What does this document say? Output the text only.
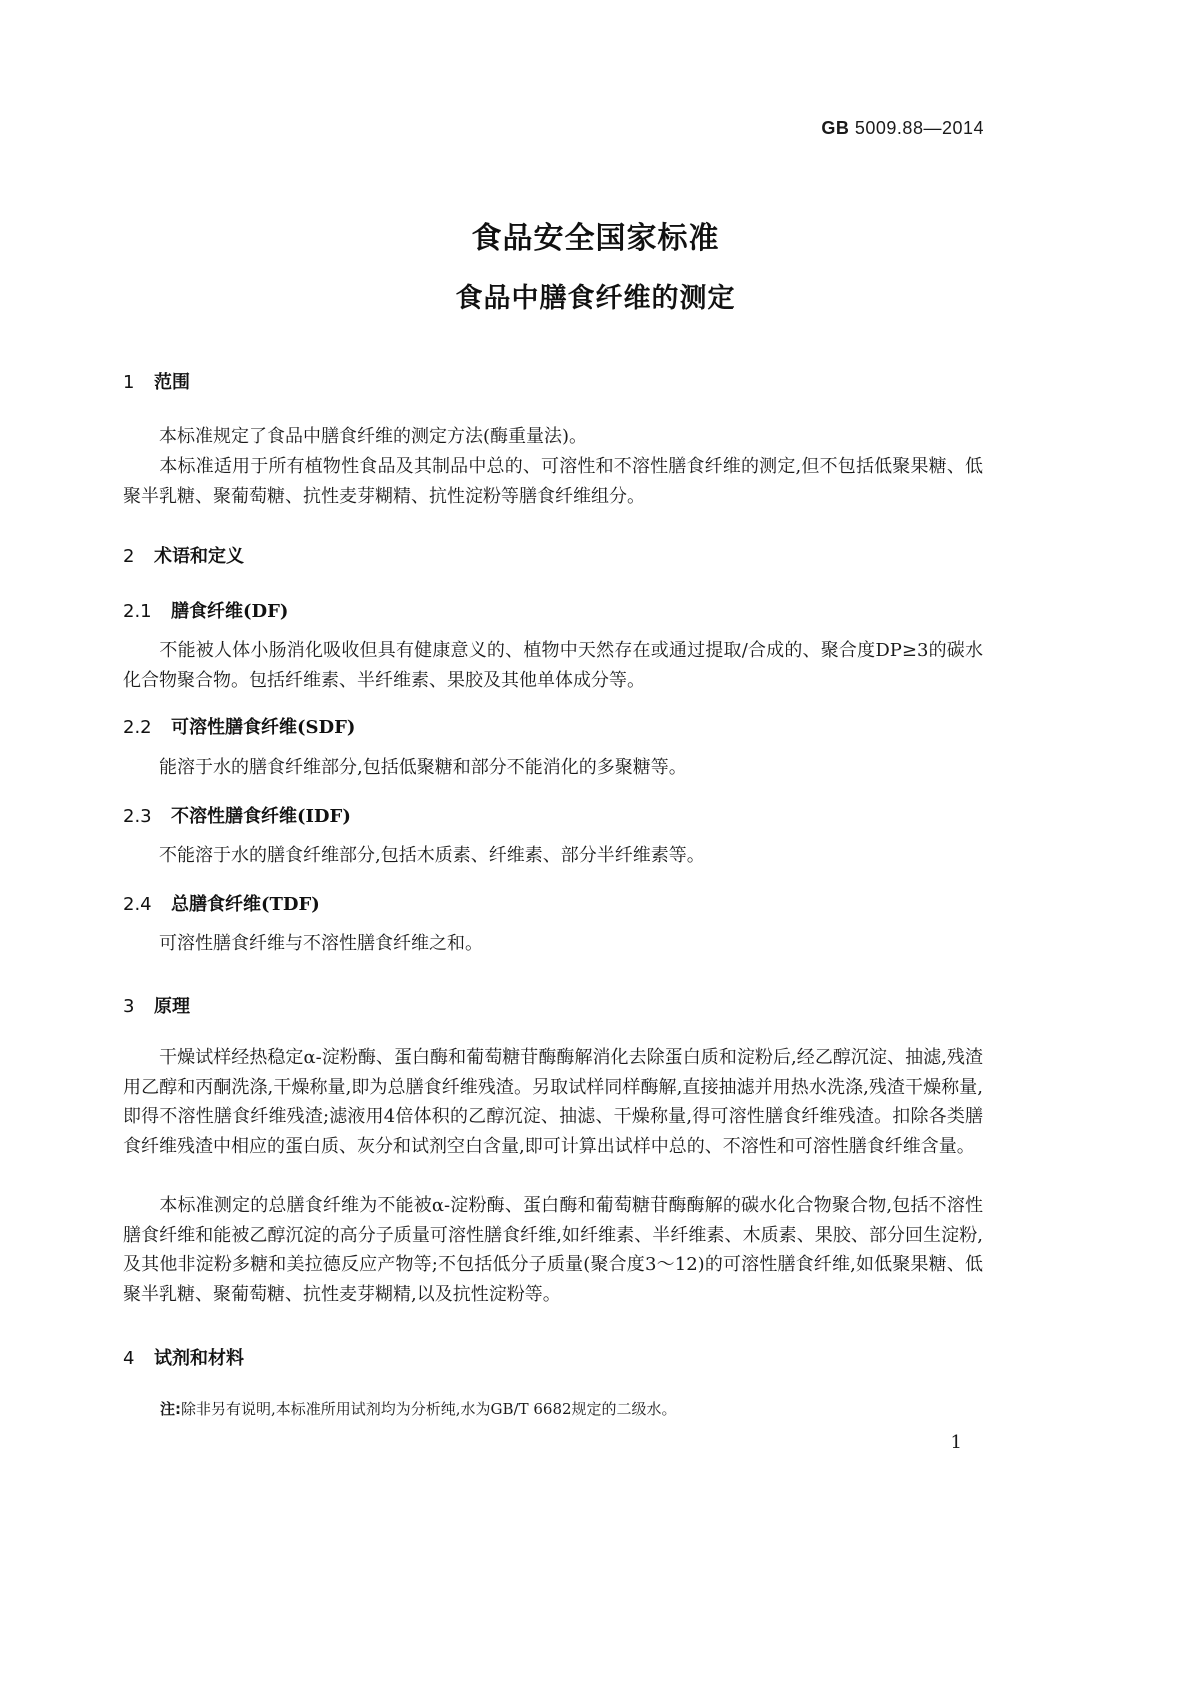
GB 5009.88—2014
食品安全国家标准
食品中膳食纤维的测定
1 范围
　　本标准规定了食品中膳食纤维的测定方法(酶重量法)。
　　本标准适用于所有植物性食品及其制品中总的、可溶性和不溶性膳食纤维的测定,但不包括低聚果糖、低聚半乳糖、聚葡萄糖、抗性麦芽糊精、抗性淀粉等膳食纤维组分。
2 术语和定义
2.1 膳食纤维(DF)
　　不能被人体小肠消化吸收但具有健康意义的、植物中天然存在或通过提取/合成的、聚合度DP≥3的碳水化合物聚合物。包括纤维素、半纤维素、果胶及其他单体成分等。
2.2 可溶性膳食纤维(SDF)
　　能溶于水的膳食纤维部分,包括低聚糖和部分不能消化的多聚糖等。
2.3 不溶性膳食纤维(IDF)
　　不能溶于水的膳食纤维部分,包括木质素、纤维素、部分半纤维素等。
2.4 总膳食纤维(TDF)
　　可溶性膳食纤维与不溶性膳食纤维之和。
3 原理
　　干燥试样经热稳定α-淀粉酶、蛋白酶和葡萄糖苷酶酶解消化去除蛋白质和淀粉后,经乙醇沉淀、抽滤,残渣用乙醇和丙酮洗涤,干燥称量,即为总膳食纤维残渣。另取试样同样酶解,直接抽滤并用热水洗涤,残渣干燥称量,即得不溶性膳食纤维残渣;滤液用4倍体积的乙醇沉淀、抽滤、干燥称量,得可溶性膳食纤维残渣。扣除各类膳食纤维残渣中相应的蛋白质、灰分和试剂空白含量,即可计算出试样中总的、不溶性和可溶性膳食纤维含量。
　　本标准测定的总膳食纤维为不能被α-淀粉酶、蛋白酶和葡萄糖苷酶酶解的碳水化合物聚合物,包括不溶性膳食纤维和能被乙醇沉淀的高分子质量可溶性膳食纤维,如纤维素、半纤维素、木质素、果胶、部分回生淀粉,及其他非淀粉多糖和美拉德反应产物等;不包括低分子质量(聚合度3～12)的可溶性膳食纤维,如低聚果糖、低聚半乳糖、聚葡萄糖、抗性麦芽糊精,以及抗性淀粉等。
4 试剂和材料
注:除非另有说明,本标准所用试剂均为分析纯,水为GB/T 6682规定的二级水。
1
